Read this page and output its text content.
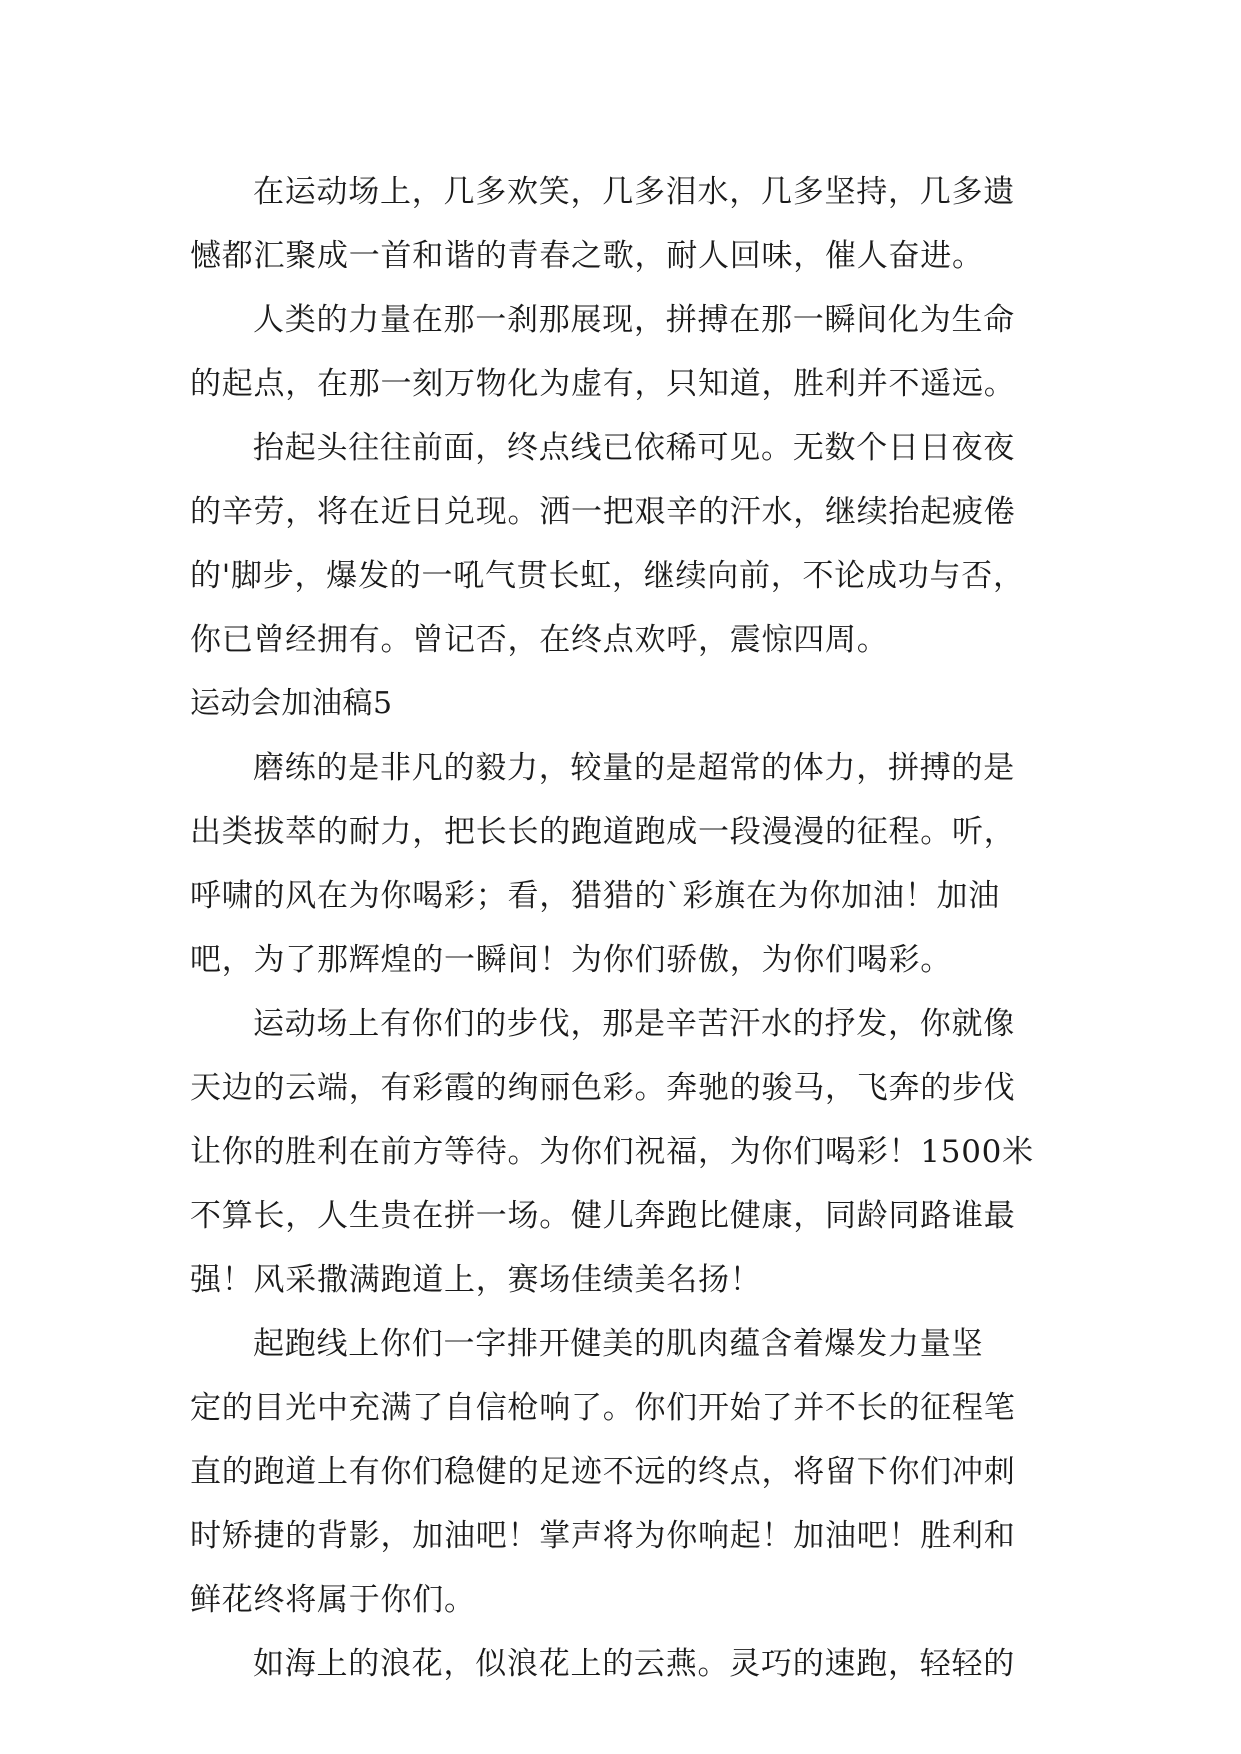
在运动场上，几多欢笑，几多泪水，几多坚持，几多遗
憾都汇聚成一首和谐的青春之歌，耐人回味，催人奋进。
人类的力量在那一刹那展现，拼搏在那一瞬间化为生命
的起点，在那一刻万物化为虚有，只知道，胜利并不遥远。
抬起头往往前面，终点线已依稀可见。无数个日日夜夜
的辛劳，将在近日兑现。洒一把艰辛的汗水，继续抬起疲倦
的'脚步，爆发的一吼气贯长虹，继续向前，不论成功与否，
你已曾经拥有。曾记否，在终点欢呼，震惊四周。
运动会加油稿5
磨练的是非凡的毅力，较量的是超常的体力，拼搏的是
出类拔萃的耐力，把长长的跑道跑成一段漫漫的征程。听，
呼啸的风在为你喝彩；看，猎猎的`彩旗在为你加油！加油
吧，为了那辉煌的一瞬间！为你们骄傲，为你们喝彩。
运动场上有你们的步伐，那是辛苦汗水的抒发，你就像
天边的云端，有彩霞的绚丽色彩。奔驰的骏马，飞奔的步伐
让你的胜利在前方等待。为你们祝福，为你们喝彩！1500米
不算长，人生贵在拼一场。健儿奔跑比健康，同龄同路谁最
强！风采撒满跑道上，赛场佳绩美名扬！
起跑线上你们一字排开健美的肌肉蕴含着爆发力量坚
定的目光中充满了自信枪响了。你们开始了并不长的征程笔
直的跑道上有你们稳健的足迹不远的终点，将留下你们冲刺
时矫捷的背影，加油吧！掌声将为你响起！加油吧！胜利和
鲜花终将属于你们。
如海上的浪花，似浪花上的云燕。灵巧的速跑，轻轻的
